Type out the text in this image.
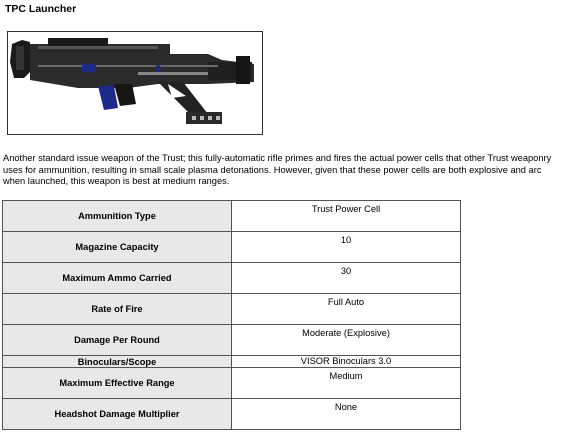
TPC Launcher

Another standard issue weapon of the Trust; this fully-automatic rifle primes and fires the actual power cells that other Trust weaponry uses for ammunition, resulting in small scale plasma detonations. However, given that these power cells are both explosive and arc when launched, this weapon is best at medium ranges.

Ammunition Type	Trust Power Cell
Magazine Capacity	10
Maximum Ammo Carried	30
Rate of Fire	Full Auto
Damage Per Round	Moderate (Explosive)
Binoculars/Scope	VISOR Binoculars 3.0
Maximum Effective Range	Medium
Headshot Damage Multiplier	None
